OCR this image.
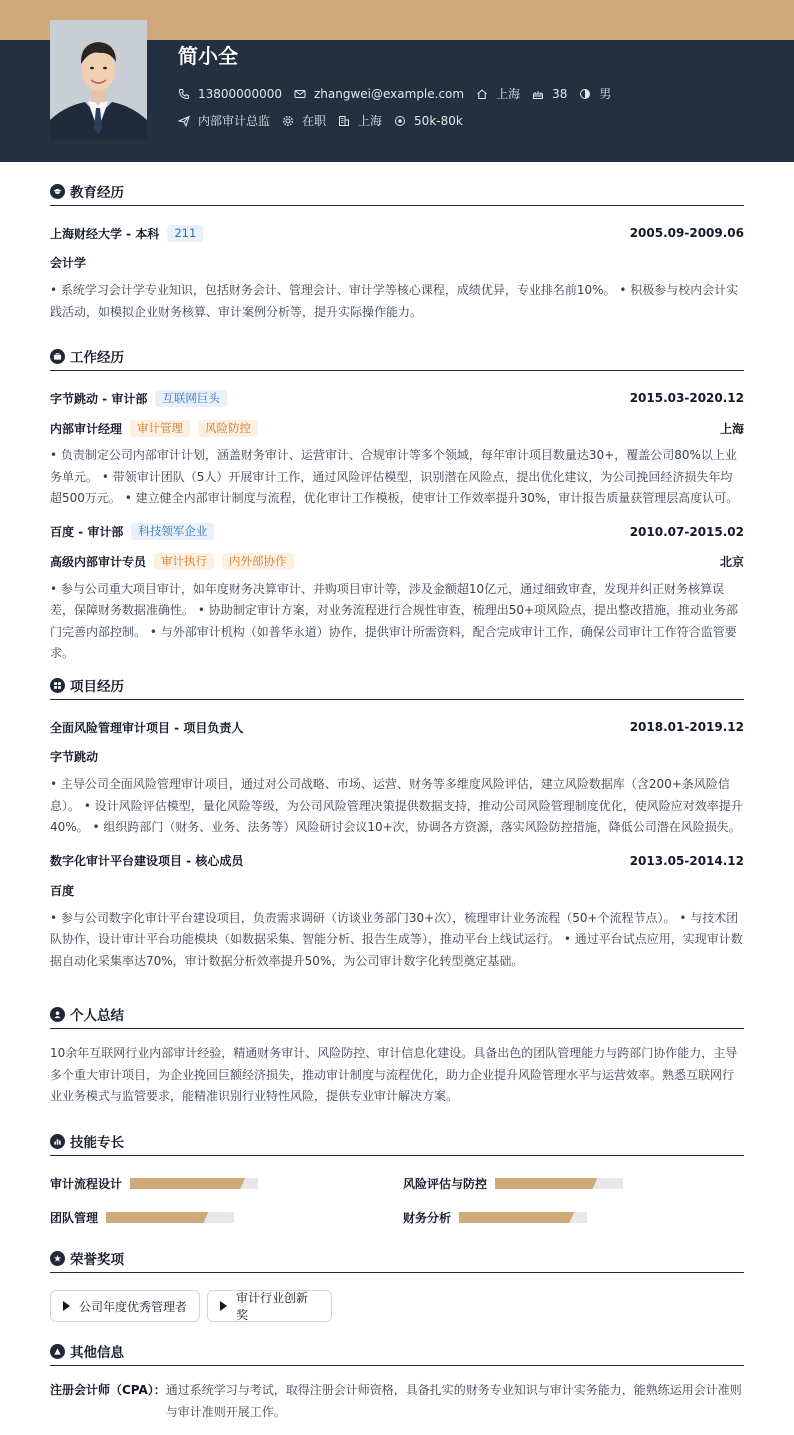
简小全
13800000000	zhangwei@example.com	上海	38	男
内部审计总监	在职	上海	50k-80k
教育经历
上海财经大学 - 本科	211	2005.09-2009.06
会计学
• 系统学习会计学专业知识，包括财务会计、管理会计、审计学等核心课程，成绩优异，专业排名前10%。 • 积极参与校内会计实践活动，如模拟企业财务核算、审计案例分析等，提升实际操作能力。
工作经历
字节跳动 - 审计部	互联网巨头	2015.03-2020.12
内部审计经理	审计管理	风险防控	上海
• 负责制定公司内部审计计划，涵盖财务审计、运营审计、合规审计等多个领域，每年审计项目数量达30+，覆盖公司80%以上业务单元。 • 带领审计团队（5人）开展审计工作，通过风险评估模型，识别潜在风险点，提出优化建议，为公司挽回经济损失年均超500万元。 • 建立健全内部审计制度与流程，优化审计工作模板，使审计工作效率提升30%，审计报告质量获管理层高度认可。
百度 - 审计部	科技领军企业	2010.07-2015.02
高级内部审计专员	审计执行	内外部协作	北京
• 参与公司重大项目审计，如年度财务决算审计、并购项目审计等，涉及金额超10亿元，通过细致审查，发现并纠正财务核算误差，保障财务数据准确性。 • 协助制定审计方案，对业务流程进行合规性审查，梳理出50+项风险点，提出整改措施，推动业务部门完善内部控制。 • 与外部审计机构（如普华永道）协作，提供审计所需资料，配合完成审计工作，确保公司审计工作符合监管要求。
项目经历
全面风险管理审计项目 - 项目负责人	2018.01-2019.12
字节跳动
• 主导公司全面风险管理审计项目，通过对公司战略、市场、运营、财务等多维度风险评估，建立风险数据库（含200+条风险信息）。 • 设计风险评估模型，量化风险等级，为公司风险管理决策提供数据支持，推动公司风险管理制度优化，使风险应对效率提升40%。 • 组织跨部门（财务、业务、法务等）风险研讨会议10+次，协调各方资源，落实风险防控措施，降低公司潜在风险损失。
数字化审计平台建设项目 - 核心成员	2013.05-2014.12
百度
• 参与公司数字化审计平台建设项目，负责需求调研（访谈业务部门30+次），梳理审计业务流程（50+个流程节点）。 • 与技术团队协作，设计审计平台功能模块（如数据采集、智能分析、报告生成等），推动平台上线试运行。 • 通过平台试点应用，实现审计数据自动化采集率达70%，审计数据分析效率提升50%，为公司审计数字化转型奠定基础。
个人总结
10余年互联网行业内部审计经验，精通财务审计、风险防控、审计信息化建设。具备出色的团队管理能力与跨部门协作能力，主导多个重大审计项目，为企业挽回巨额经济损失，推动审计制度与流程优化，助力企业提升风险管理水平与运营效率。熟悉互联网行业业务模式与监管要求，能精准识别行业特性风险，提供专业审计解决方案。
技能专长
审计流程设计	风险评估与防控
团队管理	财务分析
荣誉奖项
公司年度优秀管理者
审计行业创新奖
其他信息
注册会计师（CPA）： 通过系统学习与考试，取得注册会计师资格，具备扎实的财务专业知识与审计实务能力，能熟练运用会计准则与审计准则开展工作。
